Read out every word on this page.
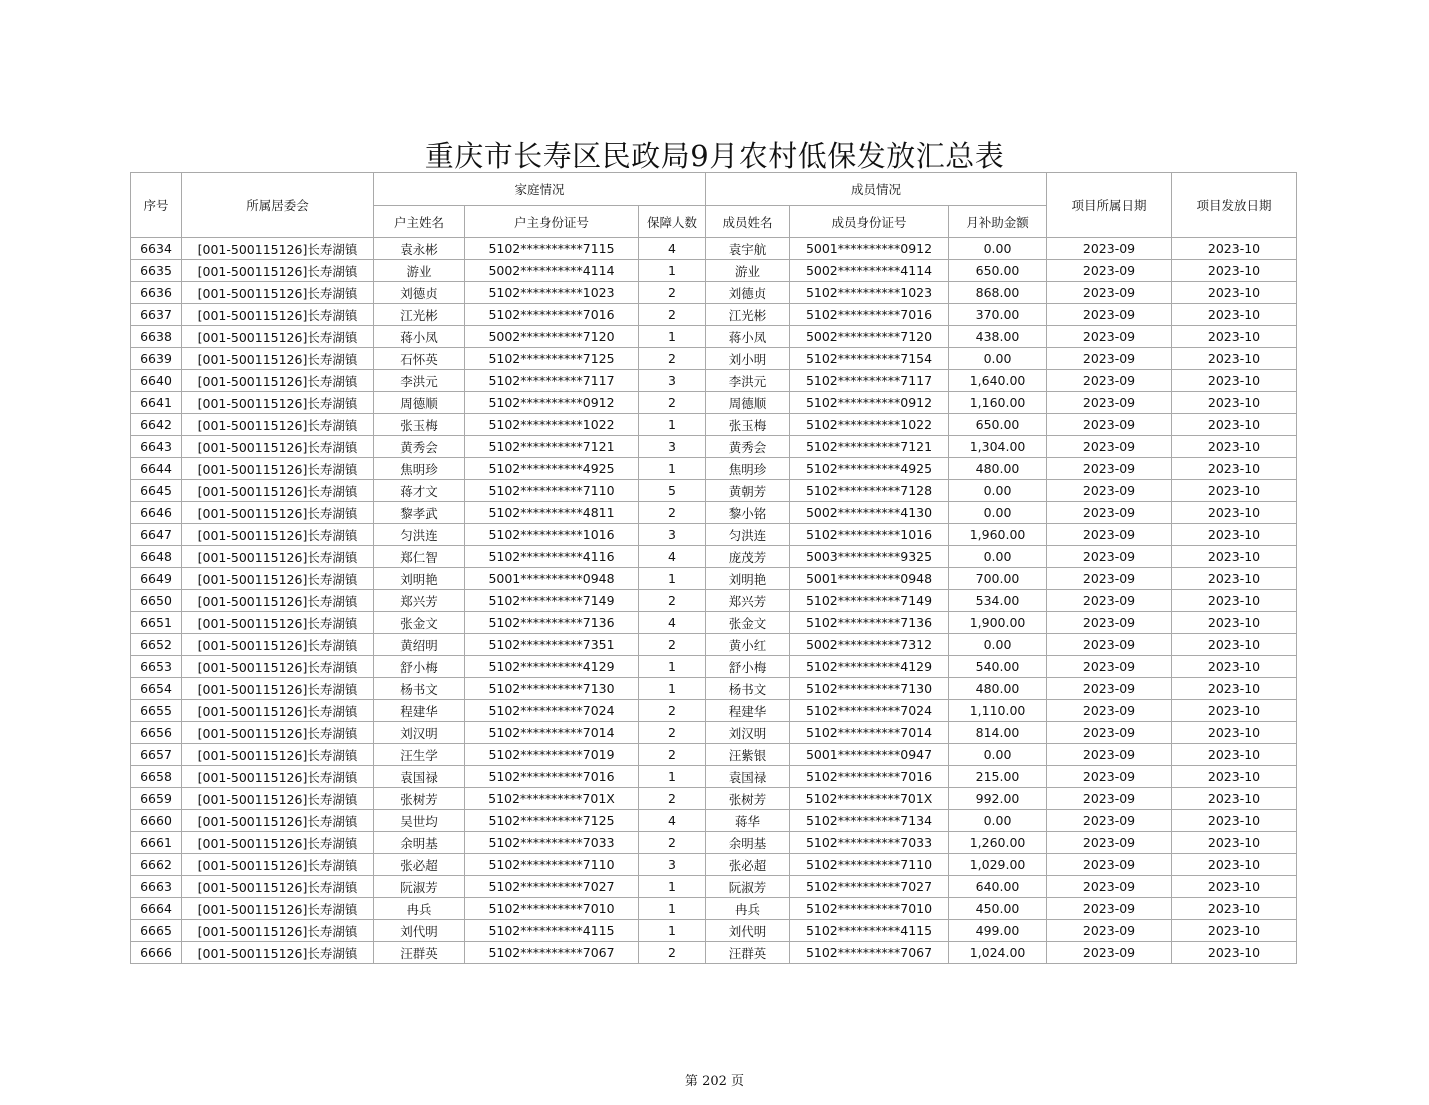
重庆市长寿区民政局9月农村低保发放汇总表
序号	所属居委会	家庭情况			成员情况			项目所属日期	项目发放日期
		户主姓名	户主身份证号	保障人数	成员姓名	成员身份证号	月补助金额		
6634	[001-500115126]长寿湖镇	袁永彬	5102**********7115	4	袁宇航	5001**********0912	0.00	2023-09	2023-10
6635	[001-500115126]长寿湖镇	游业	5002**********4114	1	游业	5002**********4114	650.00	2023-09	2023-10
6636	[001-500115126]长寿湖镇	刘德贞	5102**********1023	2	刘德贞	5102**********1023	868.00	2023-09	2023-10
6637	[001-500115126]长寿湖镇	江光彬	5102**********7016	2	江光彬	5102**********7016	370.00	2023-09	2023-10
6638	[001-500115126]长寿湖镇	蒋小凤	5002**********7120	1	蒋小凤	5002**********7120	438.00	2023-09	2023-10
6639	[001-500115126]长寿湖镇	石怀英	5102**********7125	2	刘小明	5102**********7154	0.00	2023-09	2023-10
6640	[001-500115126]长寿湖镇	李洪元	5102**********7117	3	李洪元	5102**********7117	1,640.00	2023-09	2023-10
6641	[001-500115126]长寿湖镇	周德顺	5102**********0912	2	周德顺	5102**********0912	1,160.00	2023-09	2023-10
6642	[001-500115126]长寿湖镇	张玉梅	5102**********1022	1	张玉梅	5102**********1022	650.00	2023-09	2023-10
6643	[001-500115126]长寿湖镇	黄秀会	5102**********7121	3	黄秀会	5102**********7121	1,304.00	2023-09	2023-10
6644	[001-500115126]长寿湖镇	焦明珍	5102**********4925	1	焦明珍	5102**********4925	480.00	2023-09	2023-10
6645	[001-500115126]长寿湖镇	蒋才文	5102**********7110	5	黄朝芳	5102**********7128	0.00	2023-09	2023-10
6646	[001-500115126]长寿湖镇	黎孝武	5102**********4811	2	黎小铭	5002**********4130	0.00	2023-09	2023-10
6647	[001-500115126]长寿湖镇	匀洪连	5102**********1016	3	匀洪连	5102**********1016	1,960.00	2023-09	2023-10
6648	[001-500115126]长寿湖镇	郑仁智	5102**********4116	4	庞茂芳	5003**********9325	0.00	2023-09	2023-10
6649	[001-500115126]长寿湖镇	刘明艳	5001**********0948	1	刘明艳	5001**********0948	700.00	2023-09	2023-10
6650	[001-500115126]长寿湖镇	郑兴芳	5102**********7149	2	郑兴芳	5102**********7149	534.00	2023-09	2023-10
6651	[001-500115126]长寿湖镇	张金文	5102**********7136	4	张金文	5102**********7136	1,900.00	2023-09	2023-10
6652	[001-500115126]长寿湖镇	黄绍明	5102**********7351	2	黄小红	5002**********7312	0.00	2023-09	2023-10
6653	[001-500115126]长寿湖镇	舒小梅	5102**********4129	1	舒小梅	5102**********4129	540.00	2023-09	2023-10
6654	[001-500115126]长寿湖镇	杨书文	5102**********7130	1	杨书文	5102**********7130	480.00	2023-09	2023-10
6655	[001-500115126]长寿湖镇	程建华	5102**********7024	2	程建华	5102**********7024	1,110.00	2023-09	2023-10
6656	[001-500115126]长寿湖镇	刘汉明	5102**********7014	2	刘汉明	5102**********7014	814.00	2023-09	2023-10
6657	[001-500115126]长寿湖镇	汪生学	5102**********7019	2	汪紫银	5001**********0947	0.00	2023-09	2023-10
6658	[001-500115126]长寿湖镇	袁国禄	5102**********7016	1	袁国禄	5102**********7016	215.00	2023-09	2023-10
6659	[001-500115126]长寿湖镇	张树芳	5102**********701X	2	张树芳	5102**********701X	992.00	2023-09	2023-10
6660	[001-500115126]长寿湖镇	吴世均	5102**********7125	4	蒋华	5102**********7134	0.00	2023-09	2023-10
6661	[001-500115126]长寿湖镇	余明基	5102**********7033	2	余明基	5102**********7033	1,260.00	2023-09	2023-10
6662	[001-500115126]长寿湖镇	张必超	5102**********7110	3	张必超	5102**********7110	1,029.00	2023-09	2023-10
6663	[001-500115126]长寿湖镇	阮淑芳	5102**********7027	1	阮淑芳	5102**********7027	640.00	2023-09	2023-10
6664	[001-500115126]长寿湖镇	冉兵	5102**********7010	1	冉兵	5102**********7010	450.00	2023-09	2023-10
6665	[001-500115126]长寿湖镇	刘代明	5102**********4115	1	刘代明	5102**********4115	499.00	2023-09	2023-10
6666	[001-500115126]长寿湖镇	汪群英	5102**********7067	2	汪群英	5102**********7067	1,024.00	2023-09	2023-10
第 202 页
